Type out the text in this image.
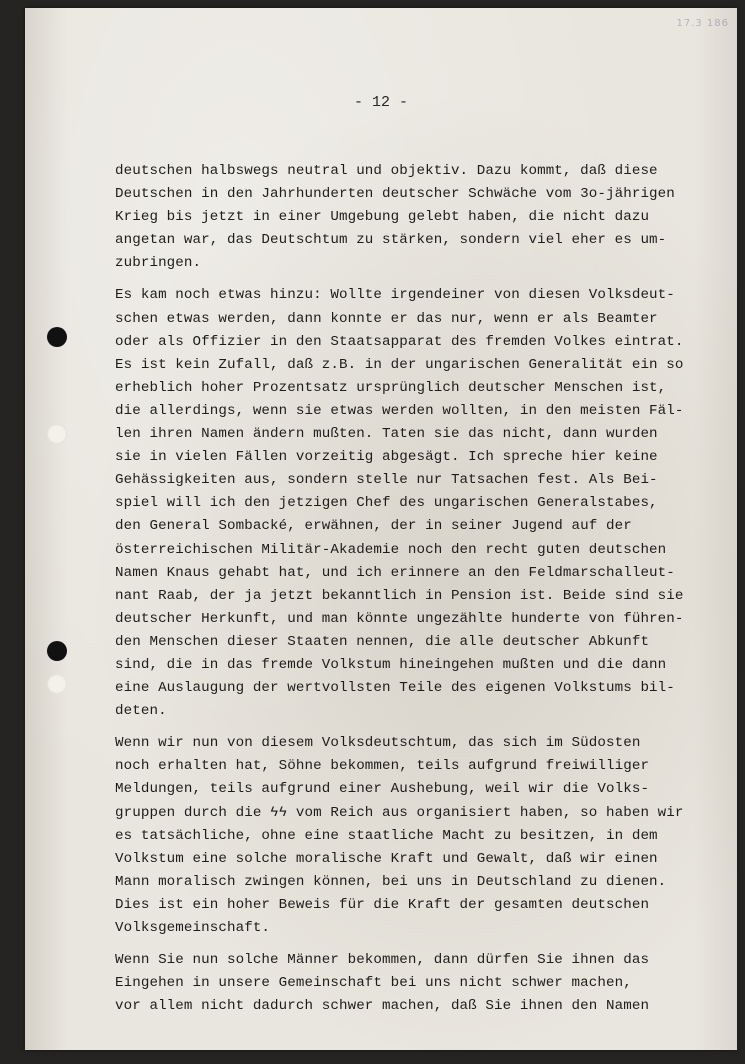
17.3 186
- 12 -
deutschen halbswegs neutral und objektiv. Dazu kommt, daß diese
Deutschen in den Jahrhunderten deutscher Schwäche vom 3o-jährigen
Krieg bis jetzt in einer Umgebung gelebt haben, die nicht dazu
angetan war, das Deutschtum zu stärken, sondern viel eher es um-
zubringen.
Es kam noch etwas hinzu: Wollte irgendeiner von diesen Volksdeut-
schen etwas werden, dann konnte er das nur, wenn er als Beamter
oder als Offizier in den Staatsapparat des fremden Volkes eintrat.
Es ist kein Zufall, daß z.B. in der ungarischen Generalität ein so
erheblich hoher Prozentsatz ursprünglich deutscher Menschen ist,
die allerdings, wenn sie etwas werden wollten, in den meisten Fäl-
len ihren Namen ändern mußten. Taten sie das nicht, dann wurden
sie in vielen Fällen vorzeitig abgesägt. Ich spreche hier keine
Gehässigkeiten aus, sondern stelle nur Tatsachen fest. Als Bei-
spiel will ich den jetzigen Chef des ungarischen Generalstabes,
den General Sombacké, erwähnen, der in seiner Jugend auf der
österreichischen Militär-Akademie noch den recht guten deutschen
Namen Knaus gehabt hat, und ich erinnere an den Feldmarschalleut-
nant Raab, der ja jetzt bekanntlich in Pension ist. Beide sind sie
deutscher Herkunft, und man könnte ungezählte hunderte von führen-
den Menschen dieser Staaten nennen, die alle deutscher Abkunft
sind, die in das fremde Volkstum hineingehen mußten und die dann
eine Auslaugung der wertvollsten Teile des eigenen Volkstums bil-
deten.
Wenn wir nun von diesem Volksdeutschtum, das sich im Südosten
noch erhalten hat, Söhne bekommen, teils aufgrund freiwilliger
Meldungen, teils aufgrund einer Aushebung, weil wir die Volks-
gruppen durch die ϟϟ vom Reich aus organisiert haben, so haben wir
es tatsächliche, ohne eine staatliche Macht zu besitzen, in dem
Volkstum eine solche moralische Kraft und Gewalt, daß wir einen
Mann moralisch zwingen können, bei uns in Deutschland zu dienen.
Dies ist ein hoher Beweis für die Kraft der gesamten deutschen
Volksgemeinschaft.
Wenn Sie nun solche Männer bekommen, dann dürfen Sie ihnen das
Eingehen in unsere Gemeinschaft bei uns nicht schwer machen,
vor allem nicht dadurch schwer machen, daß Sie ihnen den Namen
